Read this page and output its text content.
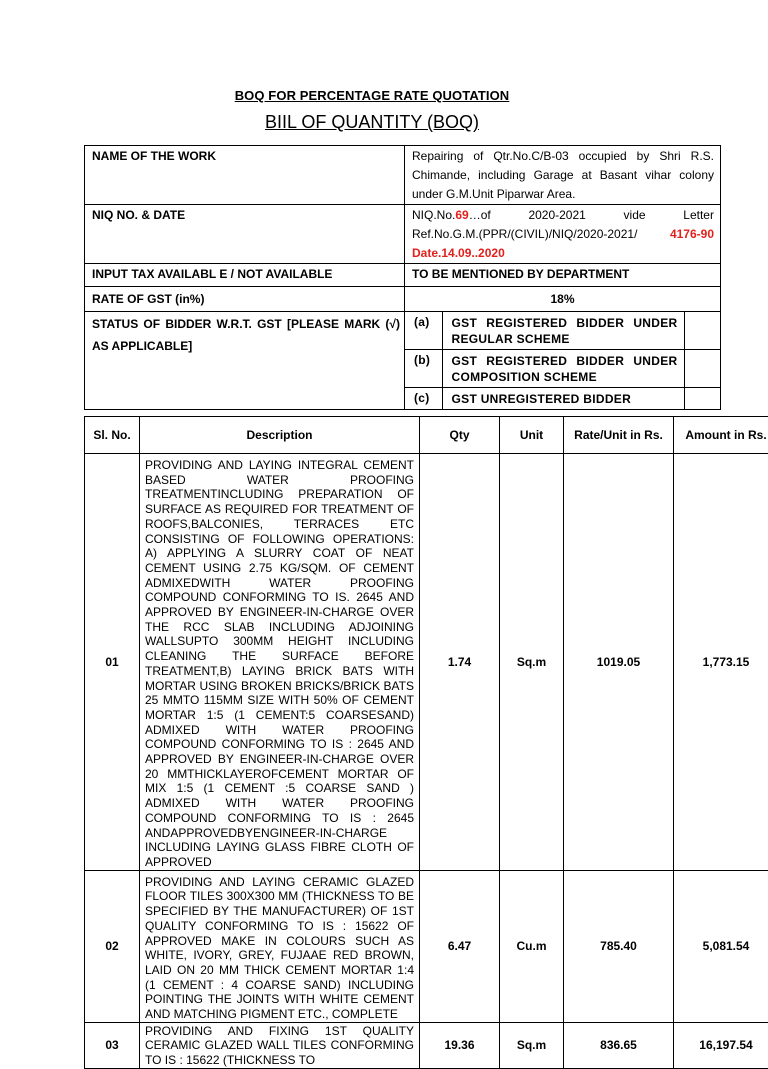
BOQ FOR PERCENTAGE RATE QUOTATION
BIIL OF QUANTITY (BOQ)
NAME OF THE WORK	Repairing of Qtr.No.C/B-03 occupied by Shri R.S. Chimande, including Garage at Basant vihar colony under G.M.Unit Piparwar Area.
NIQ NO. & DATE	NIQ.No.69…of	2020-2021	vide	Letter
Ref.No.G.M.(PPR/(CIVIL)/NIQ/2020-2021/	4176-90
Date.14.09..2020

INPUT TAX AVAILABL E / NOT AVAILABLE	TO BE MENTIONED BY DEPARTMENT
RATE OF GST (in%)	18%
STATUS OF BIDDER W.R.T. GST [PLEASE MARK (√) AS APPLICABLE]	
(a)	GST REGISTERED BIDDER UNDER
REGULAR SCHEME

(b)	GST REGISTERED BIDDER UNDER
COMPOSITION SCHEME

(c)	GST UNREGISTERED BIDDER	
Sl. No.	Description	Qty	Unit	Rate/Unit in Rs.	Amount in Rs.
01	PROVIDING AND LAYING INTEGRAL CEMENT BASED WATER PROOFING TREATMENTINCLUDING PREPARATION OF SURFACE AS REQUIRED FOR TREATMENT OF ROOFS,BALCONIES, TERRACES ETC CONSISTING OF FOLLOWING OPERATIONS: A) APPLYING A SLURRY COAT OF NEAT CEMENT USING 2.75 KG/SQM. OF CEMENT ADMIXEDWITH WATER PROOFING COMPOUND CONFORMING TO IS. 2645 AND APPROVED BY ENGINEER-IN-CHARGE OVER THE RCC SLAB INCLUDING ADJOINING WALLSUPTO 300MM HEIGHT INCLUDING CLEANING THE SURFACE BEFORE TREATMENT,B) LAYING BRICK BATS WITH MORTAR USING BROKEN BRICKS/BRICK BATS 25 MMTO 115MM SIZE WITH 50% OF CEMENT MORTAR 1:5 (1 CEMENT:5 COARSESAND) ADMIXED WITH WATER PROOFING COMPOUND CONFORMING TO IS : 2645 AND APPROVED BY ENGINEER-IN-CHARGE OVER 20 MMTHICKLAYEROFCEMENT MORTAR OF MIX 1:5 (1 CEMENT :5 COARSE SAND ) ADMIXED WITH WATER PROOFING COMPOUND CONFORMING TO IS : 2645 ANDAPPROVEDBYENGINEER-IN-CHARGE INCLUDING LAYING GLASS FIBRE CLOTH OF APPROVED	1.74	Sq.m	1019.05	1,773.15
02	PROVIDING AND LAYING CERAMIC GLAZED FLOOR TILES 300X300 MM (THICKNESS TO BE SPECIFIED BY THE MANUFACTURER) OF 1ST QUALITY CONFORMING TO IS : 15622 OF APPROVED MAKE IN COLOURS SUCH AS WHITE, IVORY, GREY, FUJAAE RED BROWN, LAID ON 20 MM THICK CEMENT MORTAR 1:4 (1 CEMENT : 4 COARSE SAND) INCLUDING POINTING THE JOINTS WITH WHITE CEMENT AND MATCHING PIGMENT ETC., COMPLETE	6.47	Cu.m	785.40	5,081.54
03	PROVIDING AND FIXING 1ST QUALITY CERAMIC GLAZED WALL TILES CONFORMING TO IS : 15622 (THICKNESS TO	19.36	Sq.m	836.65	16,197.54
